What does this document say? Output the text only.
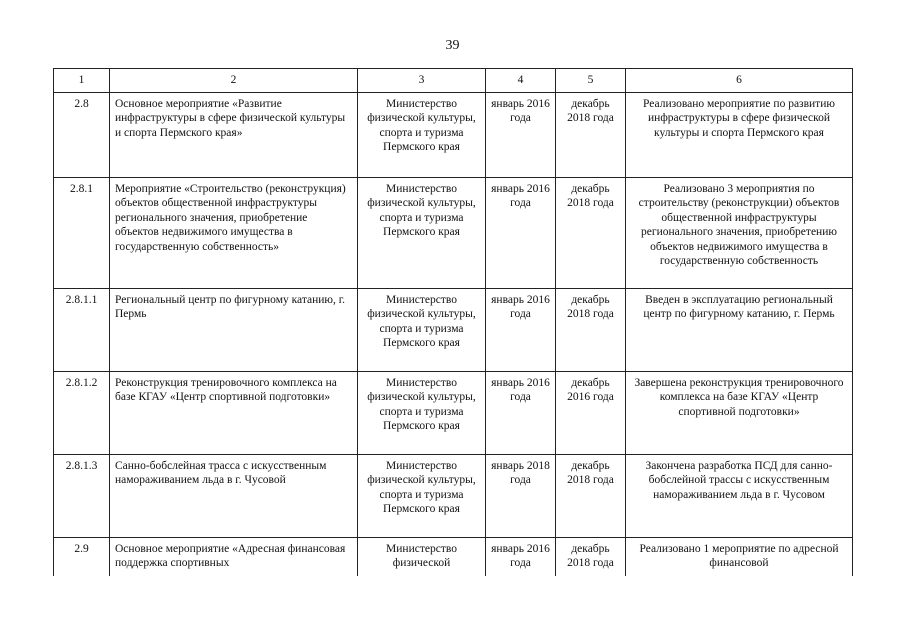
39
1	2	3	4	5	6
2.8	Основное мероприятие «Развитие инфраструктуры в сфере физической культуры и спорта Пермского края»	Министерство физической культуры, спорта и туризма Пермского края	январь 2016 года	декабрь 2018 года	Реализовано мероприятие по развитию инфраструктуры в сфере физической культуры и спорта Пермского края
2.8.1	Мероприятие «Строительство (реконструкция) объектов общественной инфраструктуры регионального значения, приобретение объектов недвижимого имущества в государственную собственность»	Министерство физической культуры, спорта и туризма Пермского края	январь 2016 года	декабрь 2018 года	Реализовано 3 мероприятия по строительству (реконструкции) объектов общественной инфраструктуры регионального значения, приобретению объектов недвижимого имущества в государственную собственность
2.8.1.1	Региональный центр по фигурному катанию, г. Пермь	Министерство физической культуры, спорта и туризма Пермского края	январь 2016 года	декабрь 2018 года	Введен в эксплуатацию региональный центр по фигурному катанию, г. Пермь
2.8.1.2	Реконструкция тренировочного комплекса на базе КГАУ «Центр спортивной подготовки»	Министерство физической культуры, спорта и туризма Пермского края	январь 2016 года	декабрь 2016 года	Завершена реконструкция тренировочного комплекса на базе КГАУ «Центр спортивной подготовки»
2.8.1.3	Санно-бобслейная трасса с искусственным намораживанием льда в г. Чусовой	Министерство физической культуры, спорта и туризма Пермского края	январь 2018 года	декабрь 2018 года	Закончена разработка ПСД для санно-бобслейной трассы с искусственным намораживанием льда в г. Чусовом
2.9	Основное мероприятие «Адресная финансовая поддержка спортивных	Министерство физической	январь 2016 года	декабрь 2018 года	Реализовано 1 мероприятие по адресной финансовой
